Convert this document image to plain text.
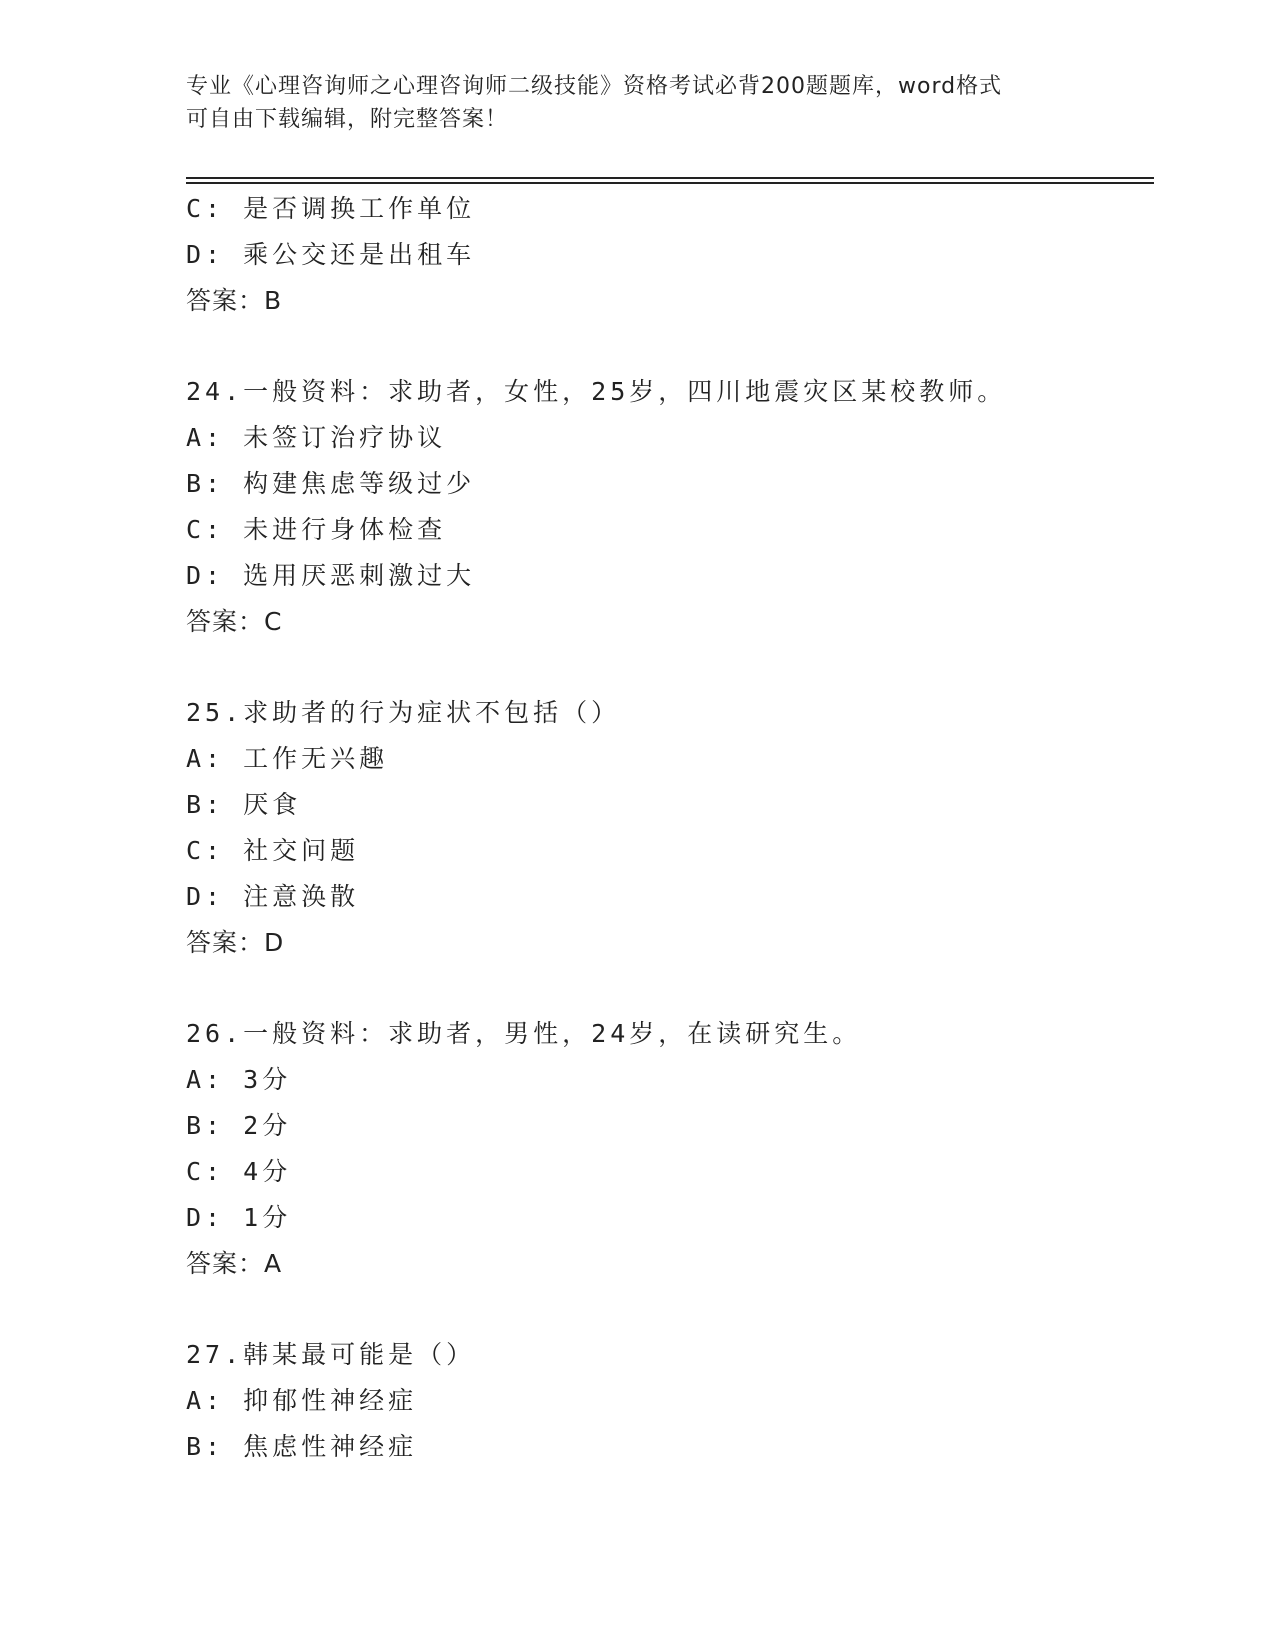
专业《心理咨询师之心理咨询师二级技能》资格考试必背200题题库，word格式
可自由下载编辑，附完整答案！
C: 是否调换工作单位
D: 乘公交还是出租车
答案：B
24.一般资料：求助者，女性，25岁，四川地震灾区某校教师。
A: 未签订治疗协议
B: 构建焦虑等级过少
C: 未进行身体检查
D: 选用厌恶刺激过大
答案：C
25.求助者的行为症状不包括（）
A: 工作无兴趣
B: 厌食
C: 社交问题
D: 注意涣散
答案：D
26.一般资料：求助者，男性，24岁，在读研究生。
A: 3分
B: 2分
C: 4分
D: 1分
答案：A
27.韩某最可能是（）
A: 抑郁性神经症
B: 焦虑性神经症
